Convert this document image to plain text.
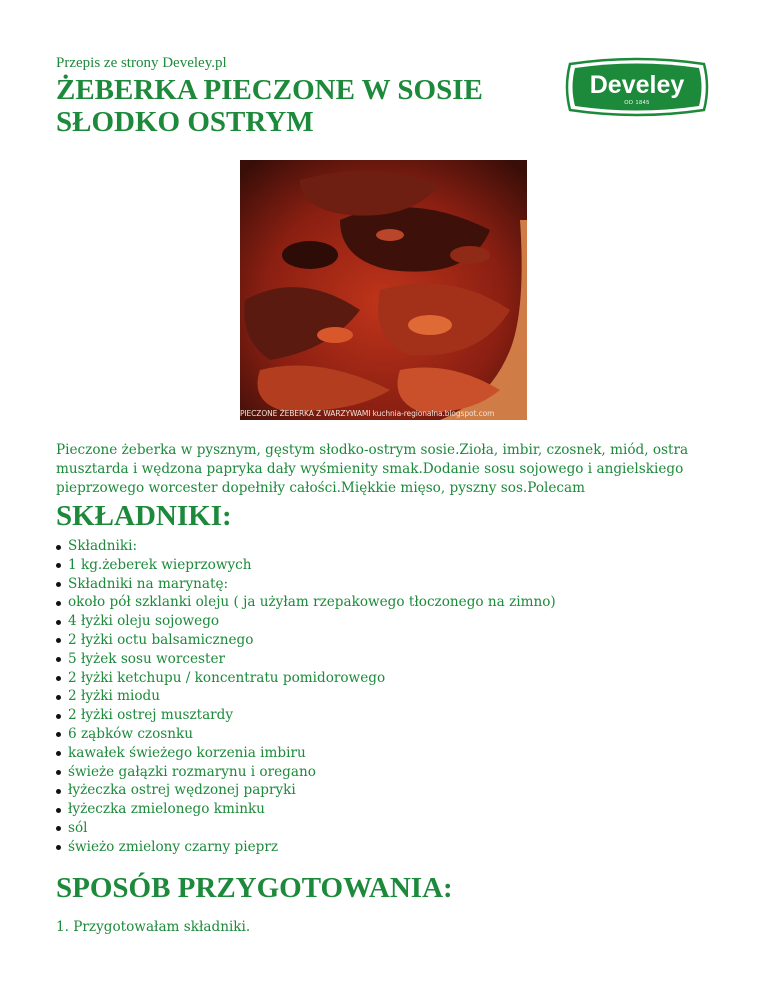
Przepis ze strony Develey.pl
ŻEBERKA PIECZONE W SOSIE SŁODKO OSTRYM
Develey
OD 1845
PIECZONE ŻEBERKA Z WARZYWAMI kuchnia-regionalna.blogspot.com

Pieczone żeberka w pysznym, gęstym słodko-ostrym sosie.Zioła, imbir, czosnek, miód, ostra musztarda i wędzona papryka dały wyśmienity smak.Dodanie sosu sojowego i angielskiego pieprzowego worcester dopełniły całości.Miękkie mięso, pyszny sos.Polecam

SKŁADNIKI:
Składniki:
1 kg.żeberek wieprzowych
Składniki na marynatę:
około pół szklanki oleju ( ja użyłam rzepakowego tłoczonego na zimno)
4 łyżki oleju sojowego
2 łyżki octu balsamicznego
5 łyżek sosu worcester
2 łyżki ketchupu / koncentratu pomidorowego
2 łyżki miodu
2 łyżki ostrej musztardy
6 ząbków czosnku
kawałek świeżego korzenia imbiru
świeże gałązki rozmarynu i oregano
łyżeczka ostrej wędzonej papryki
łyżeczka zmielonego kminku
sól
świeżo zmielony czarny pieprz
SPOSÓB PRZYGOTOWANIA:

1. Przygotowałam składniki.
